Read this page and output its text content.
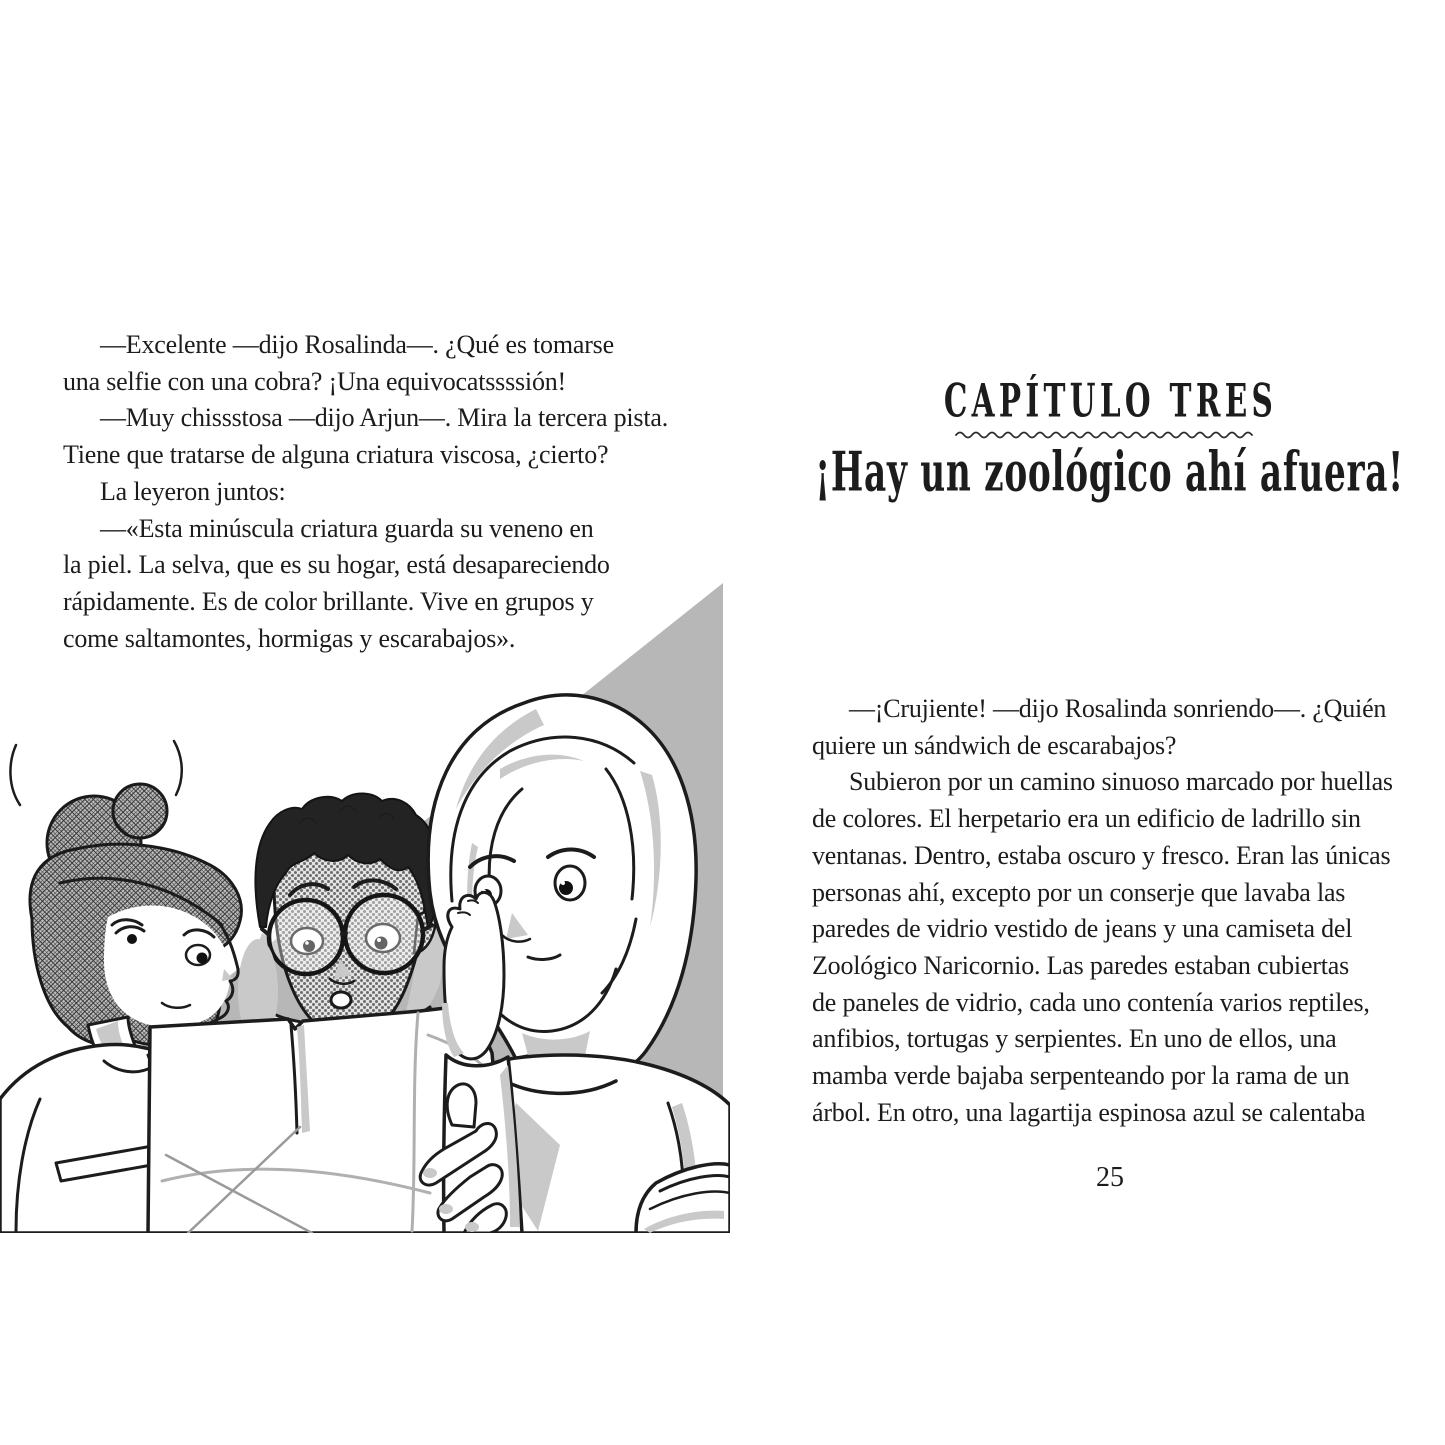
—Excelente —dijo Rosalinda—. ¿Qué es tomarse
una selfie con una cobra? ¡Una equivocatssssión!
—Muy chissstosa —dijo Arjun—. Mira la tercera pista.
Tiene que tratarse de alguna criatura viscosa, ¿cierto?
La leyeron juntos:
—«Esta minúscula criatura guarda su veneno en
la piel. La selva, que es su hogar, está desapareciendo
rápidamente. Es de color brillante. Vive en grupos y
come saltamontes, hormigas y escarabajos».
CAPÍTULO TRES
¡Hay un zoológico ahí afuera!
—¡Crujiente! —dijo Rosalinda sonriendo—. ¿Quién
quiere un sándwich de escarabajos?
Subieron por un camino sinuoso marcado por huellas
de colores. El herpetario era un edificio de ladrillo sin
ventanas. Dentro, estaba oscuro y fresco. Eran las únicas
personas ahí, excepto por un conserje que lavaba las
paredes de vidrio vestido de jeans y una camiseta del
Zoológico Naricornio. Las paredes estaban cubiertas
de paneles de vidrio, cada uno contenía varios reptiles,
anfibios, tortugas y serpientes. En uno de ellos, una
mamba verde bajaba serpenteando por la rama de un
árbol. En otro, una lagartija espinosa azul se calentaba
25
